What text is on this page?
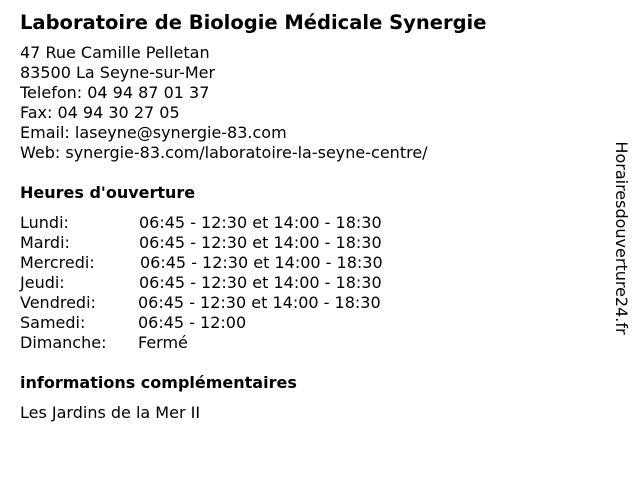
Laboratoire de Biologie Médicale Synergie
47 Rue Camille Pelletan
83500 La Seyne-sur-Mer
Telefon: 04 94 87 01 37
Fax: 04 94 30 27 05
Email: laseyne@synergie-83.com
Web: synergie-83.com/laboratoire-la-seyne-centre/
Heures d'ouverture
Lundi:	06:45 - 12:30 et 14:00 - 18:30
Mardi:	06:45 - 12:30 et 14:00 - 18:30
Mercredi:	06:45 - 12:30 et 14:00 - 18:30
Jeudi:	06:45 - 12:30 et 14:00 - 18:30
Vendredi:	06:45 - 12:30 et 14:00 - 18:30
Samedi:	06:45 - 12:00
Dimanche: Fermé
informations complémentaires
Les Jardins de la Mer II
Horairesdouverture24.fr
